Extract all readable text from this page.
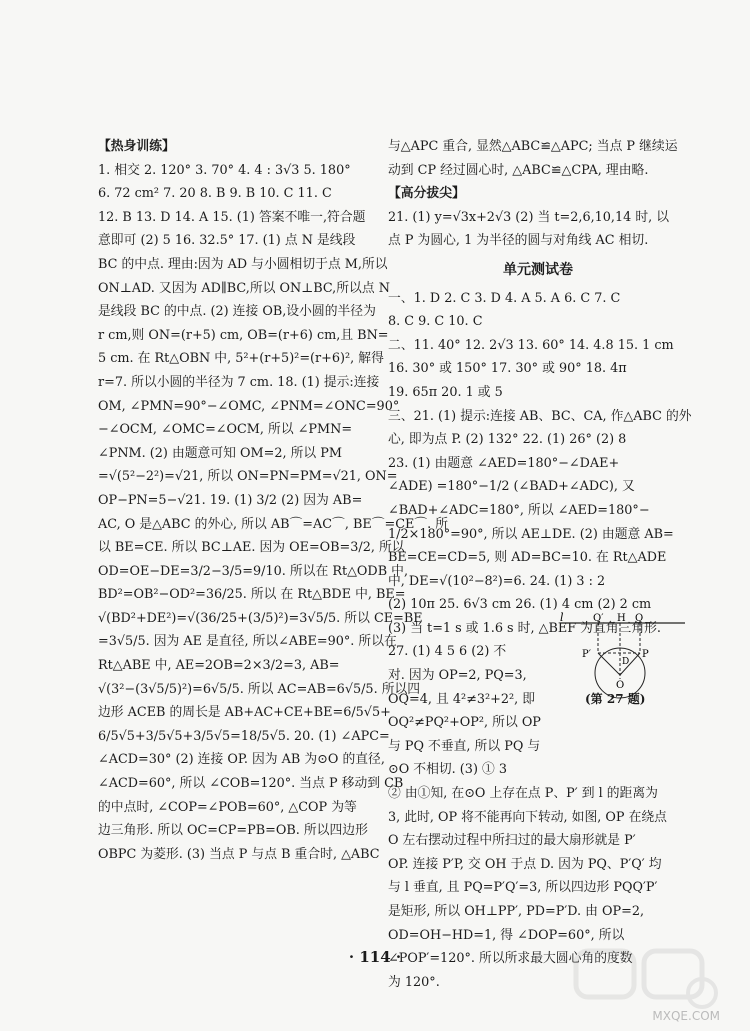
【热身训练】
1. 相交 2. 120° 3. 70° 4. 4 : 3√3 5. 180°
6. 72 cm² 7. 20 8. B 9. B 10. C 11. C
12. B 13. D 14. A 15. (1) 答案不唯一,符合题
意即可 (2) 5 16. 32.5° 17. (1) 点 N 是线段
BC 的中点. 理由:因为 AD 与小圆相切于点 M,所以
ON⊥AD. 又因为 AD∥BC,所以 ON⊥BC,所以点 N
是线段 BC 的中点. (2) 连接 OB,设小圆的半径为
r cm,则 ON=(r+5) cm, OB=(r+6) cm,且 BN=
5 cm. 在 Rt△OBN 中, 5²+(r+5)²=(r+6)², 解得
r=7. 所以小圆的半径为 7 cm. 18. (1) 提示:连接
OM, ∠PMN=90°−∠OMC, ∠PNM=∠ONC=90°
−∠OCM, ∠OMC=∠OCM, 所以 ∠PMN=
∠PNM. (2) 由题意可知 OM=2, 所以 PM
=√(5²−2²)=√21, 所以 ON=PN=PM=√21, ON=
OP−PN=5−√21. 19. (1) 3/2 (2) 因为 AB=
AC, O 是△ABC 的外心, 所以 AB⌒=AC⌒, BE⌒=CE⌒. 所
以 BE=CE. 所以 BC⊥AE. 因为 OE=OB=3/2, 所以
OD=OE−DE=3/2−3/5=9/10. 所以在 Rt△ODB 中,
BD²=OB²−OD²=36/25. 所以 在 Rt△BDE 中, BE=
√(BD²+DE²)=√(36/25+(3/5)²)=3√5/5. 所以 CE=BE
=3√5/5. 因为 AE 是直径, 所以∠ABE=90°. 所以在
Rt△ABE 中, AE=2OB=2×3/2=3, AB=
√(3²−(3√5/5)²)=6√5/5. 所以 AC=AB=6√5/5. 所以四
边形 ACEB 的周长是 AB+AC+CE+BE=6/5√5+
6/5√5+3/5√5+3/5√5=18/5√5. 20. (1) ∠APC=
∠ACD=30° (2) 连接 OP. 因为 AB 为⊙O 的直径,
∠ACD=60°, 所以 ∠COB=120°. 当点 P 移动到 CB
的中点时, ∠COP=∠POB=60°, △COP 为等
边三角形. 所以 OC=CP=PB=OB. 所以四边形
OBPC 为菱形. (3) 当点 P 与点 B 重合时, △ABC
与△APC 重合, 显然△ABC≌△APC; 当点 P 继续运
动到 CP 经过圆心时, △ABC≌△CPA, 理由略.
【高分拔尖】
21. (1) y=√3x+2√3 (2) 当 t=2,6,10,14 时, 以
点 P 为圆心, 1 为半径的圆与对角线 AC 相切.
单元测试卷
一、1. D 2. C 3. D 4. A 5. A 6. C 7. C
8. C 9. C 10. C
二、11. 40° 12. 2√3 13. 60° 14. 4.8 15. 1 cm
16. 30° 或 150° 17. 30° 或 90° 18. 4π
19. 65π 20. 1 或 5
三、21. (1) 提示:连接 AB、BC、CA, 作△ABC 的外
心, 即为点 P. (2) 132° 22. (1) 26° (2) 8
23. (1) 由题意 ∠AED=180°−∠DAE+
∠ADE) =180°−1/2 (∠BAD+∠ADC), 又
∠BAD+∠ADC=180°, 所以 ∠AED=180°−
1/2×180°=90°, 所以 AE⊥DE. (2) 由题意 AB=
BE=CE=CD=5, 则 AD=BC=10. 在 Rt△ADE
中, DE=√(10²−8²)=6. 24. (1) 3 : 2
(2) 10π 25. 6√3 cm 26. (1) 4 cm (2) 2 cm
(3) 当 t=1 s 或 1.6 s 时, △BEF 为直角三角形.
27. (1) 4 5 6 (2) 不
对. 因为 OP=2, PQ=3,
OQ=4, 且 4²≠3²+2², 即
OQ²≠PQ²+OP², 所以 OP
与 PQ 不垂直, 所以 PQ 与
⊙O 不相切. (3) ① 3
② 由①知, 在⊙O 上存在点 P、P′ 到 l 的距离为
3, 此时, OP 将不能再向下转动, 如图, OP 在绕点
O 左右摆动过程中所扫过的最大扇形就是 P′
OP. 连接 P′P, 交 OH 于点 D. 因为 PQ、P′Q′ 均
与 l 垂直, 且 PQ=P′Q′=3, 所以四边形 PQQ′P′
是矩形, 所以 OH⊥PP′, PD=P′D. 由 OP=2,
OD=OH−HD=1, 得 ∠DOP=60°, 所以
∠POP′=120°. 所以所求最大圆心角的度数
为 120°.
l	Q′ H Q
P′	P
D
O
(第 27 题)
· 114 ·
MXQE.COM
